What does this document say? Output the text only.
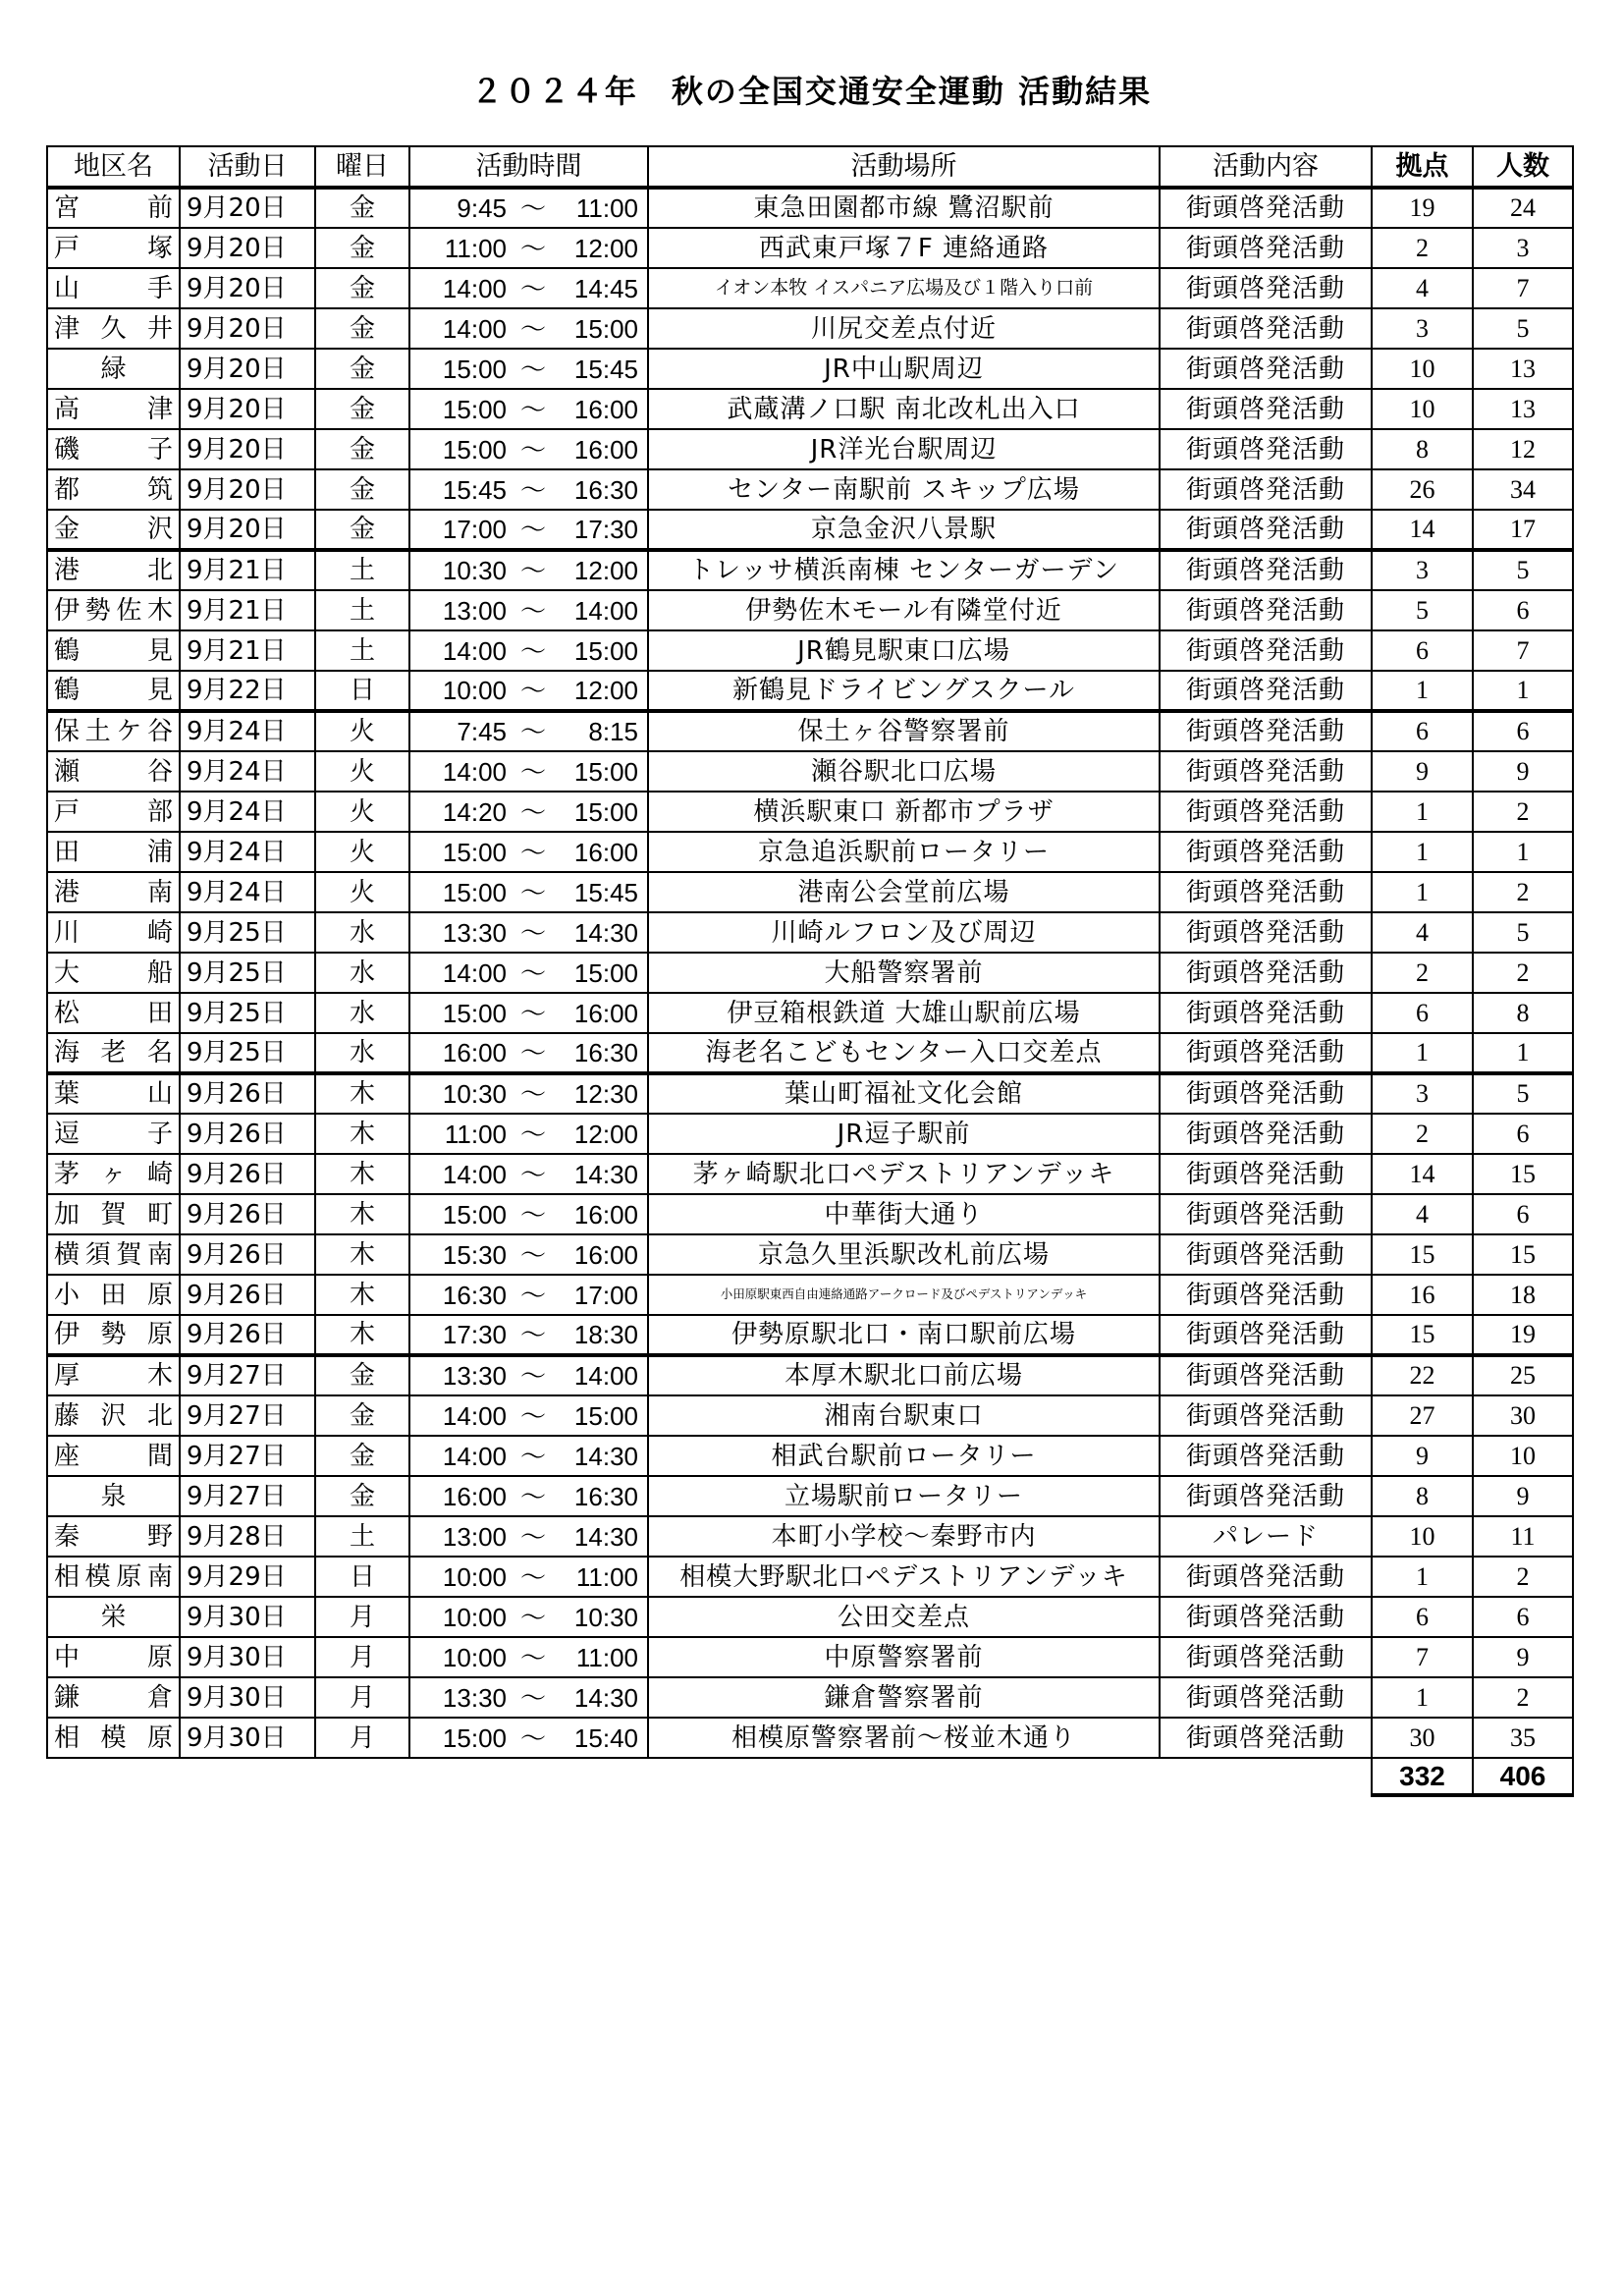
２０２４年　秋の全国交通安全運動 活動結果
地区名	活動日	曜日	活動時間	活動場所	活動内容	拠点	人数
宮前	9月20日	金	9:45 ～ 11:00	東急田園都市線 鷺沼駅前	街頭啓発活動	19	24
戸塚	9月20日	金	11:00 ～ 12:00	西武東戸塚７F 連絡通路	街頭啓発活動	2	3
山手	9月20日	金	14:00 ～ 14:45	イオン本牧 イスパニア広場及び１階入り口前	街頭啓発活動	4	7
津久井	9月20日	金	14:00 ～ 15:00	川尻交差点付近	街頭啓発活動	3	5
緑	9月20日	金	15:00 ～ 15:45	JR中山駅周辺	街頭啓発活動	10	13
高津	9月20日	金	15:00 ～ 16:00	武蔵溝ノ口駅 南北改札出入口	街頭啓発活動	10	13
磯子	9月20日	金	15:00 ～ 16:00	JR洋光台駅周辺	街頭啓発活動	8	12
都筑	9月20日	金	15:45 ～ 16:30	センター南駅前 スキップ広場	街頭啓発活動	26	34
金沢	9月20日	金	17:00 ～ 17:30	京急金沢八景駅	街頭啓発活動	14	17
港北	9月21日	土	10:30 ～ 12:00	トレッサ横浜南棟 センターガーデン	街頭啓発活動	3	5
伊勢佐木	9月21日	土	13:00 ～ 14:00	伊勢佐木モール有隣堂付近	街頭啓発活動	5	6
鶴見	9月21日	土	14:00 ～ 15:00	JR鶴見駅東口広場	街頭啓発活動	6	7
鶴見	9月22日	日	10:00 ～ 12:00	新鶴見ドライビングスクール	街頭啓発活動	1	1
保土ケ谷	9月24日	火	7:45 ～ 8:15	保土ヶ谷警察署前	街頭啓発活動	6	6
瀬谷	9月24日	火	14:00 ～ 15:00	瀬谷駅北口広場	街頭啓発活動	9	9
戸部	9月24日	火	14:20 ～ 15:00	横浜駅東口 新都市プラザ	街頭啓発活動	1	2
田浦	9月24日	火	15:00 ～ 16:00	京急追浜駅前ロータリー	街頭啓発活動	1	1
港南	9月24日	火	15:00 ～ 15:45	港南公会堂前広場	街頭啓発活動	1	2
川崎	9月25日	水	13:30 ～ 14:30	川崎ルフロン及び周辺	街頭啓発活動	4	5
大船	9月25日	水	14:00 ～ 15:00	大船警察署前	街頭啓発活動	2	2
松田	9月25日	水	15:00 ～ 16:00	伊豆箱根鉄道 大雄山駅前広場	街頭啓発活動	6	8
海老名	9月25日	水	16:00 ～ 16:30	海老名こどもセンター入口交差点	街頭啓発活動	1	1
葉山	9月26日	木	10:30 ～ 12:30	葉山町福祉文化会館	街頭啓発活動	3	5
逗子	9月26日	木	11:00 ～ 12:00	JR逗子駅前	街頭啓発活動	2	6
茅ヶ崎	9月26日	木	14:00 ～ 14:30	茅ヶ崎駅北口ペデストリアンデッキ	街頭啓発活動	14	15
加賀町	9月26日	木	15:00 ～ 16:00	中華街大通り	街頭啓発活動	4	6
横須賀南	9月26日	木	15:30 ～ 16:00	京急久里浜駅改札前広場	街頭啓発活動	15	15
小田原	9月26日	木	16:30 ～ 17:00	小田原駅東西自由連絡通路アークロード及びペデストリアンデッキ	街頭啓発活動	16	18
伊勢原	9月26日	木	17:30 ～ 18:30	伊勢原駅北口・南口駅前広場	街頭啓発活動	15	19
厚木	9月27日	金	13:30 ～ 14:00	本厚木駅北口前広場	街頭啓発活動	22	25
藤沢北	9月27日	金	14:00 ～ 15:00	湘南台駅東口	街頭啓発活動	27	30
座間	9月27日	金	14:00 ～ 14:30	相武台駅前ロータリー	街頭啓発活動	9	10
泉	9月27日	金	16:00 ～ 16:30	立場駅前ロータリー	街頭啓発活動	8	9
秦野	9月28日	土	13:00 ～ 14:30	本町小学校～秦野市内	パレード	10	11
相模原南	9月29日	日	10:00 ～ 11:00	相模大野駅北口ペデストリアンデッキ	街頭啓発活動	1	2
栄	9月30日	月	10:00 ～ 10:30	公田交差点	街頭啓発活動	6	6
中原	9月30日	月	10:00 ～ 11:00	中原警察署前	街頭啓発活動	7	9
鎌倉	9月30日	月	13:30 ～ 14:30	鎌倉警察署前	街頭啓発活動	1	2
相模原	9月30日	月	15:00 ～ 15:40	相模原警察署前～桜並木通り	街頭啓発活動	30	35
						332	406
